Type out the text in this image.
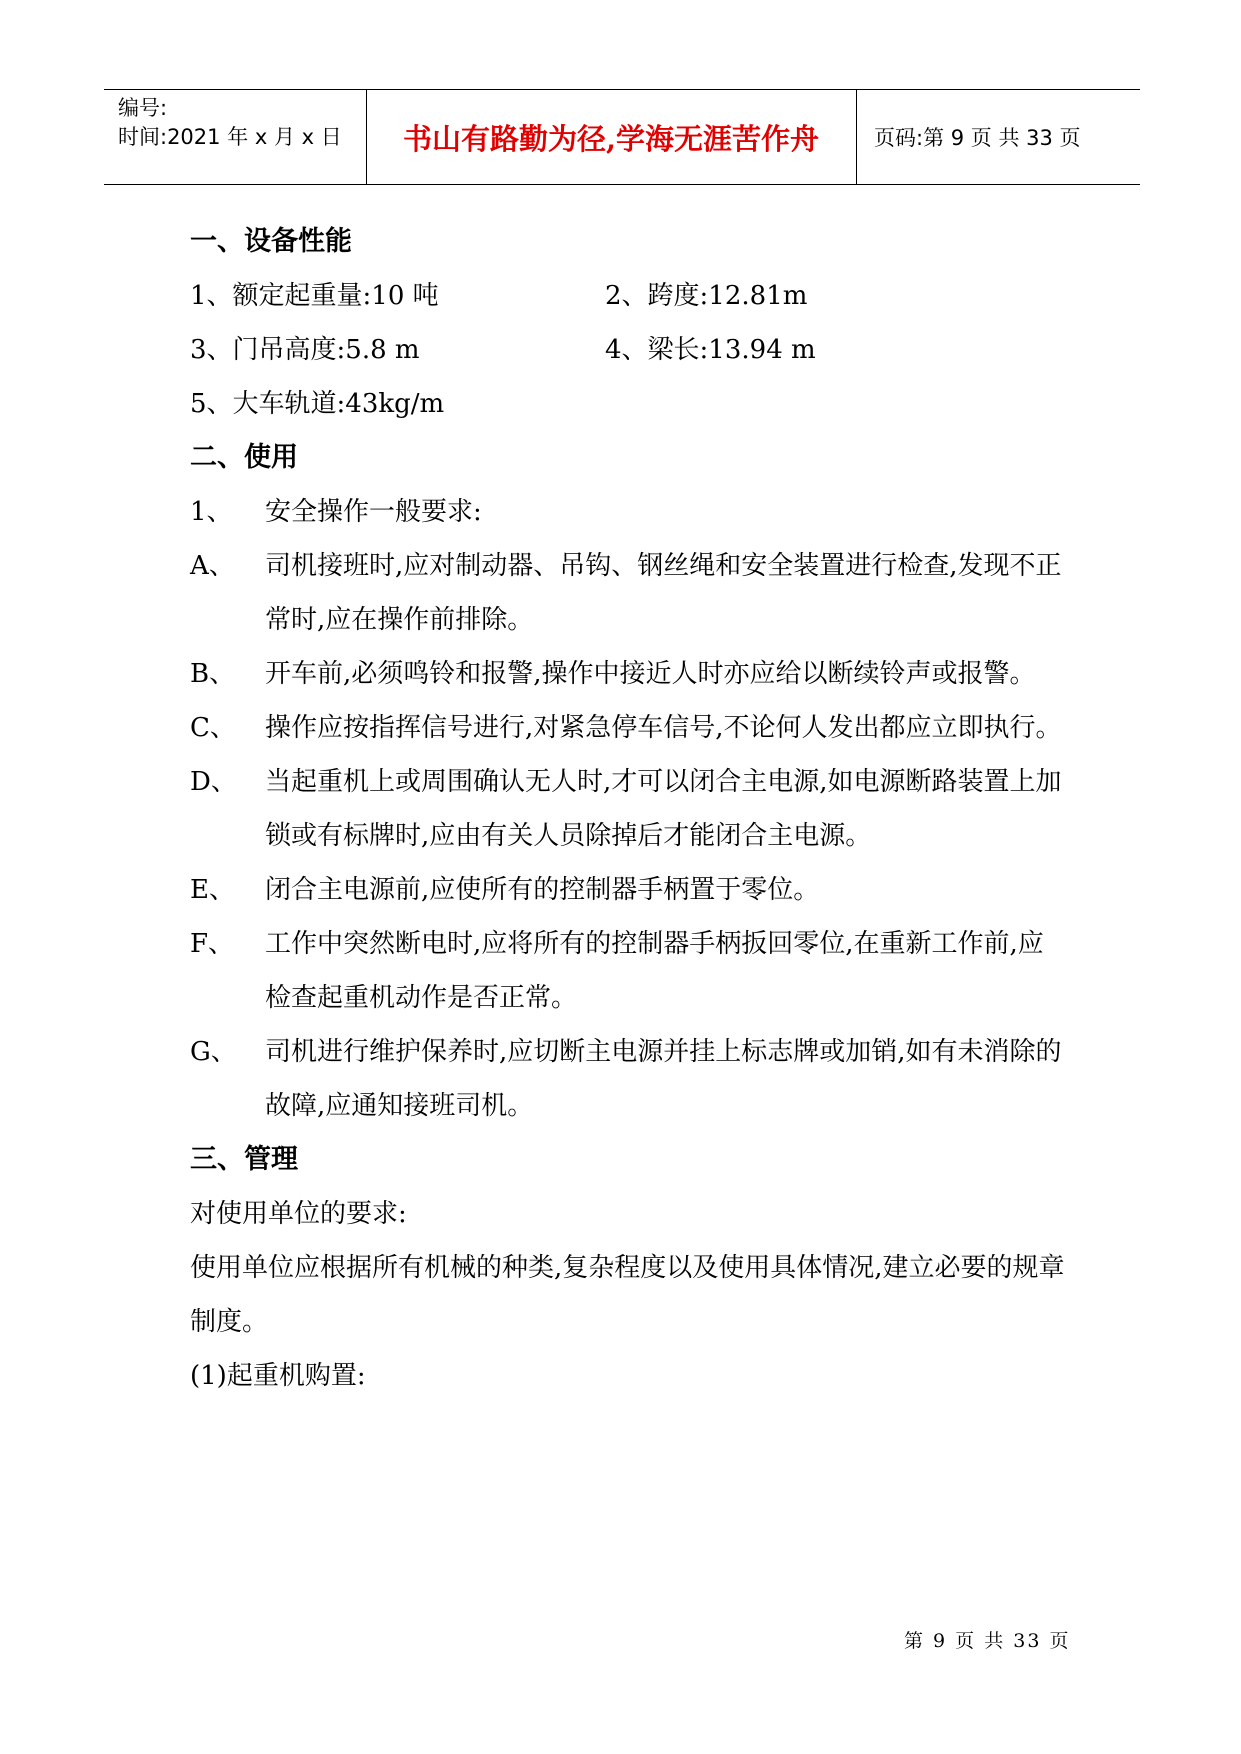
编号:
时间:2021 年 x 月 x 日	书山有路勤为径,学海无涯苦作舟	页码:第 9 页 共 33 页
一、设备性能
1、额定起重量:10 吨	2、跨度:12.81m
3、门吊高度:5.8 m	4、梁长:13.94 m
5、大车轨道:43kg/m
二、使用
1、	安全操作一般要求:
A、	司机接班时,应对制动器、吊钩、钢丝绳和安全装置进行检查,发现不正常时,应在操作前排除。
B、	开车前,必须鸣铃和报警,操作中接近人时亦应给以断续铃声或报警。
C、	操作应按指挥信号进行,对紧急停车信号,不论何人发出都应立即执行。
D、	当起重机上或周围确认无人时,才可以闭合主电源,如电源断路装置上加锁或有标牌时,应由有关人员除掉后才能闭合主电源。
E、	闭合主电源前,应使所有的控制器手柄置于零位。
F、	工作中突然断电时,应将所有的控制器手柄扳回零位,在重新工作前,应检查起重机动作是否正常。
G、	司机进行维护保养时,应切断主电源并挂上标志牌或加销,如有未消除的故障,应通知接班司机。
三、管理
对使用单位的要求:
使用单位应根据所有机械的种类,复杂程度以及使用具体情况,建立必要的规章制度。
(1)起重机购置:
第 9 页 共 33 页
